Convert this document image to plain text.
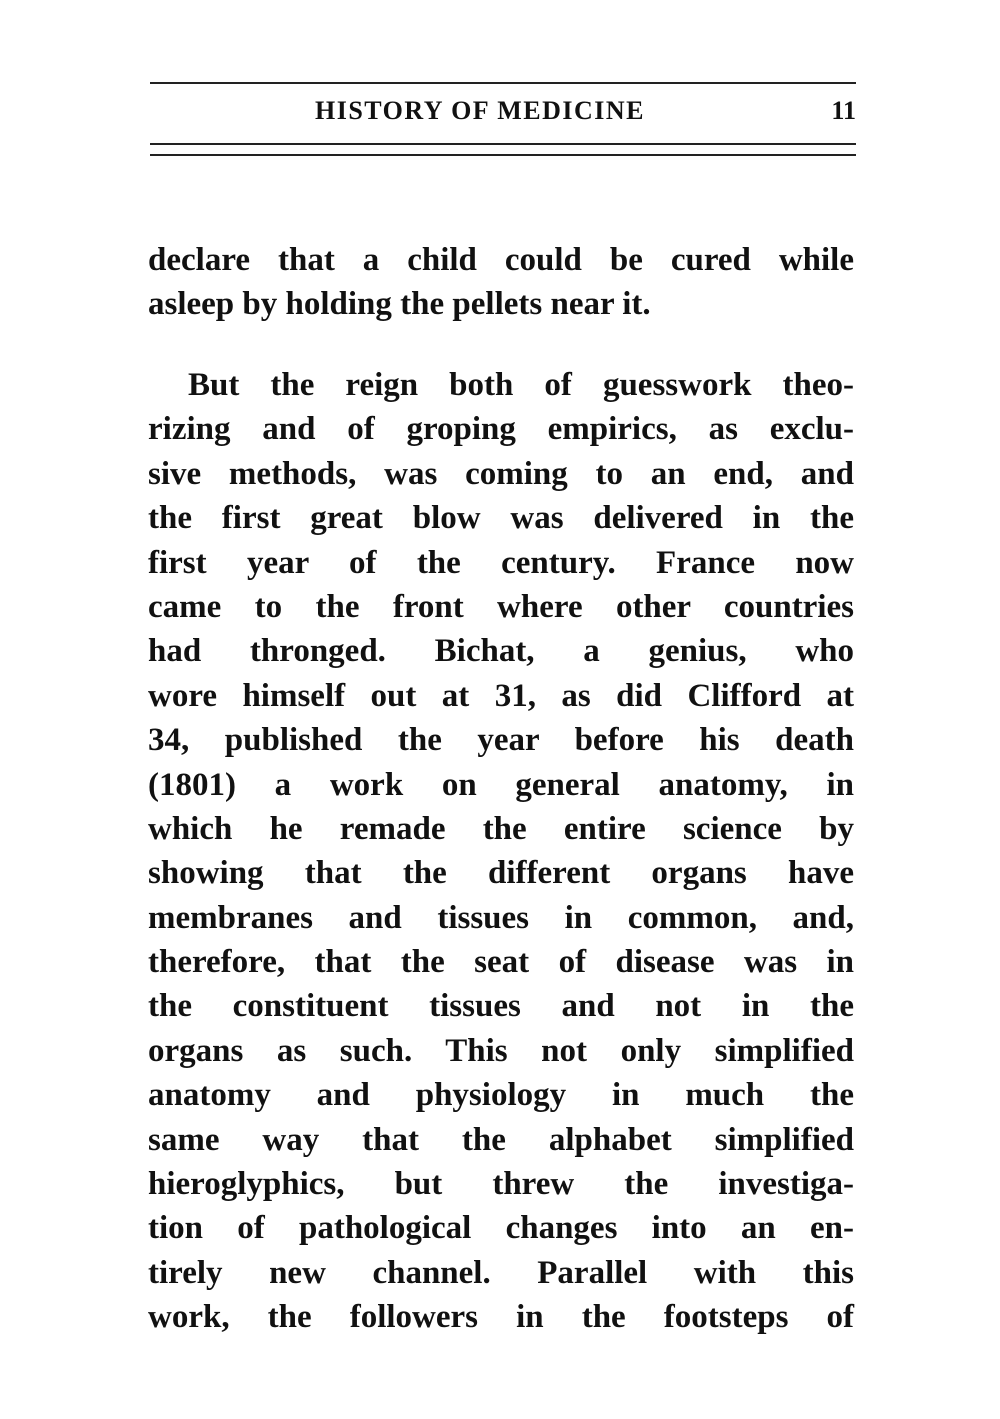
HISTORY OF MEDICINE	11
declare that a child could be cured while
asleep by holding the pellets near it.
But the reign both of guesswork theo-
rizing and of groping empirics, as exclu-
sive methods, was coming to an end, and
the first great blow was delivered in the
first year of the century. France now
came to the front where other countries
had thronged. Bichat, a genius, who
wore himself out at 31, as did Clifford at
34, published the year before his death
(1801) a work on general anatomy, in
which he remade the entire science by
showing that the different organs have
membranes and tissues in common, and,
therefore, that the seat of disease was in
the constituent tissues and not in the
organs as such. This not only simplified
anatomy and physiology in much the
same way that the alphabet simplified
hieroglyphics, but threw the investiga-
tion of pathological changes into an en-
tirely new channel. Parallel with this
work, the followers in the footsteps of
